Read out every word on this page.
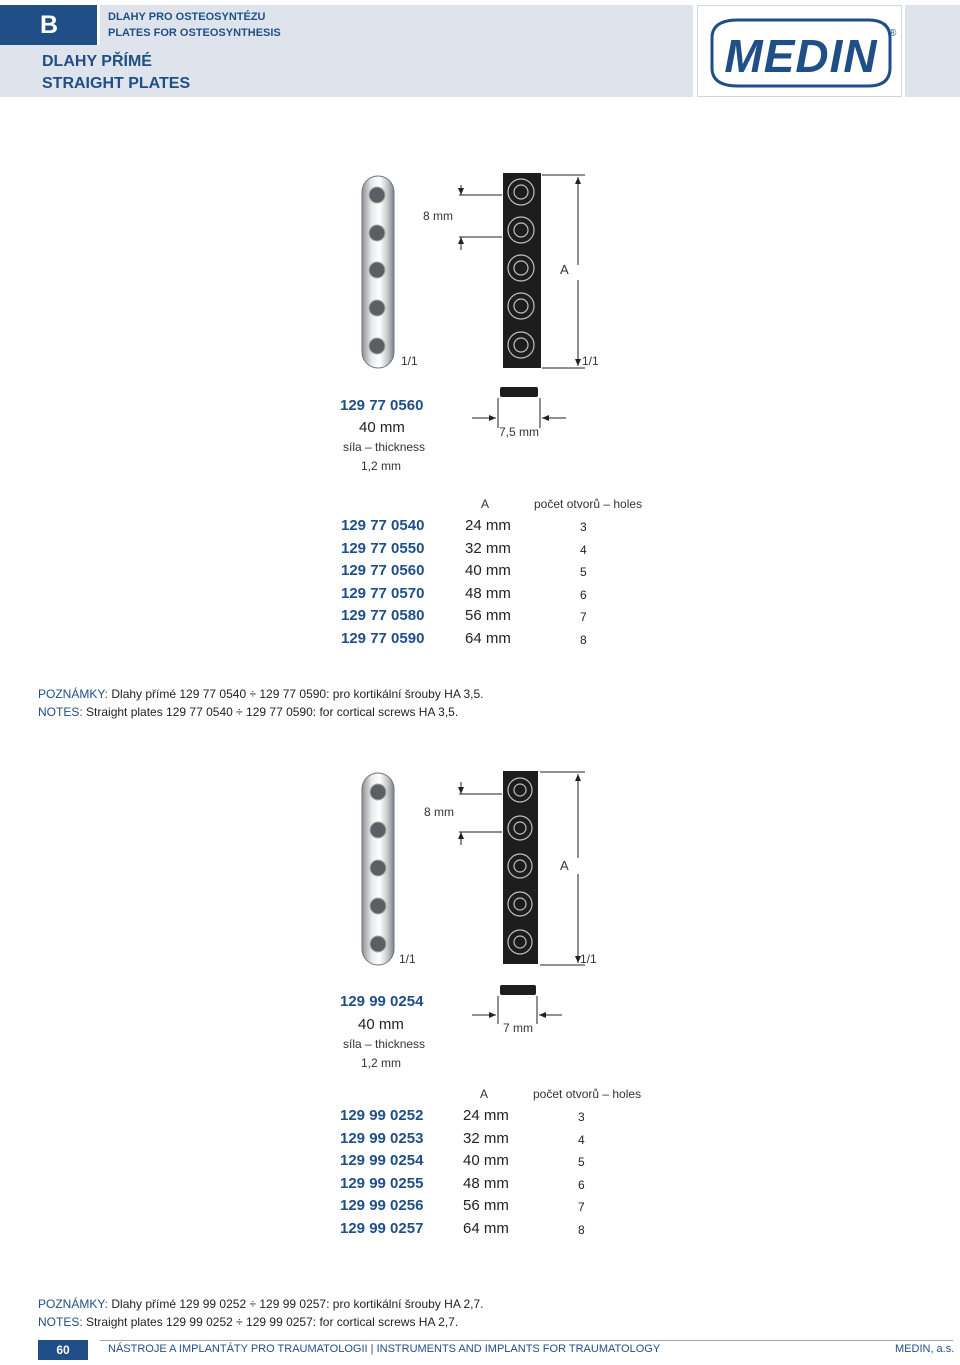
B	DLAHY PRO OSTEOSYNTÉZU
PLATES FOR OSTEOSYNTHESIS
DLAHY PŘÍMÉ
STRAIGHT PLATES
MEDIN ®
8 mm
A
1/1	1/1
7,5 mm
129 77 0560
40 mm
síla – thickness
1,2 mm
A	počet otvorů – holes
129 77 0540	24 mm	3
129 77 0550	32 mm	4
129 77 0560	40 mm	5
129 77 0570	48 mm	6
129 77 0580	56 mm	7
129 77 0590	64 mm	8
POZNÁMKY: Dlahy přímé 129 77 0540 ÷ 129 77 0590: pro kortikální šrouby HA 3,5.
NOTES: Straight plates 129 77 0540 ÷ 129 77 0590: for cortical screws HA 3,5.
8 mm
A
1/1	1/1
7 mm
129 99 0254
40 mm
síla – thickness
1,2 mm
A	počet otvorů – holes
129 99 0252	24 mm	3
129 99 0253	32 mm	4
129 99 0254	40 mm	5
129 99 0255	48 mm	6
129 99 0256	56 mm	7
129 99 0257	64 mm	8
POZNÁMKY: Dlahy přímé 129 99 0252 ÷ 129 99 0257: pro kortikální šrouby HA 2,7.
NOTES: Straight plates 129 99 0252 ÷ 129 99 0257: for cortical screws HA 2,7.
60	NÁSTROJE A IMPLANTÁTY PRO TRAUMATOLOGII | INSTRUMENTS AND IMPLANTS FOR TRAUMATOLOGY	MEDIN, a.s.
